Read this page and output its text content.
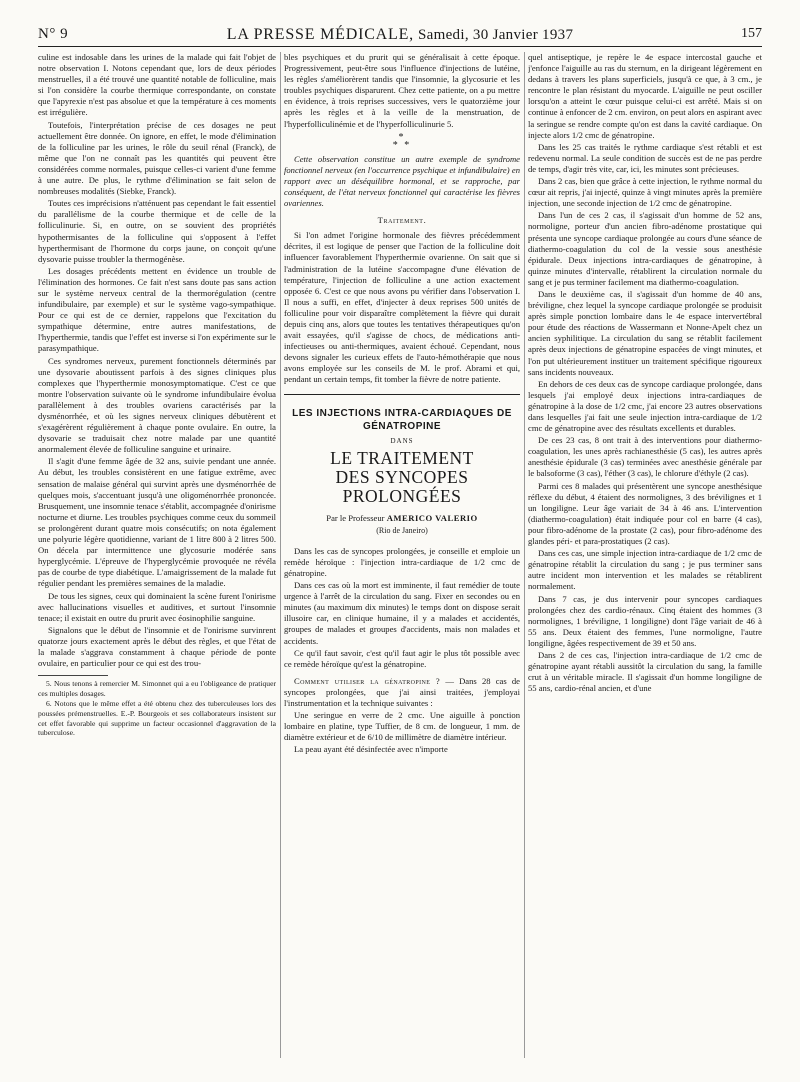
N° 9	LA PRESSE MÉDICALE, Samedi, 30 Janvier 1937	157

culine est indosable dans les urines de la malade qui fait l'objet de notre observation I. Notons cependant que, lors de deux périodes menstruelles, il a été trouvé une quantité notable de folliculine, mais si l'on considère la courbe thermique correspondante, on constate que l'apyrexie n'est pas absolue et que la température à ces moments est irrégulière.

Toutefois, l'interprétation précise de ces dosages ne peut actuellement être donnée. On ignore, en effet, le mode d'élimination de la folliculine par les urines, le rôle du seuil rénal (Franck), de même que l'on ne connaît pas les quantités qui peuvent être considérées comme normales, puisque celles-ci varient d'une femme à une autre. De plus, le rythme d'élimination se fait selon de nombreuses modalités (Siebke, Franck).

Toutes ces imprécisions n'atténuent pas cependant le fait essentiel du parallélisme de la courbe thermique et de celle de la folliculinurie. Si, en outre, on se souvient des propriétés hypothermisantes de la folliculine qui s'opposent à l'effet hyperthermisant de l'hormone du corps jaune, on conçoit qu'une dysovarie puisse troubler la thermogénèse.

Les dosages précédents mettent en évidence un trouble de l'élimination des hormones. Ce fait n'est sans doute pas sans action sur le système nerveux central de la thermorégulation (centre infundibulaire, par exemple) et sur le système vago-sympathique. Pour ce qui est de ce dernier, rappelons que l'excitation du sympathique détermine, entre autres manifestations, de l'hyperthermie, tandis que l'effet est inverse si l'on expérimente sur le parasympathique.

Ces syndromes nerveux, purement fonctionnels déterminés par une dysovarie aboutissent parfois à des signes cliniques plus complexes que l'hyperthermie monosymptomatique. C'est ce que montre l'observation suivante où le syndrome infundibulaire évolua parallèlement à des troubles ovariens caractérisés par la dysménorrhée, et où les signes nerveux cliniques débutèrent et s'exagérèrent régulièrement à chaque ponte ovulaire. En outre, la dysovarie se traduisait chez notre malade par une quantité anormalement élevée de folliculine sanguine et urinaire.

Il s'agit d'une femme âgée de 32 ans, suivie pendant une année. Au début, les troubles consistèrent en une fatigue extrême, avec sensation de malaise général qui survint après une dysménorrhée de quelques mois, s'accentuant jusqu'à une oligoménorrhée prononcée. Brusquement, une insomnie tenace s'établit, accompagnée d'onirisme nocturne et diurne. Les troubles psychiques comme ceux du sommeil se prolongèrent durant quatre mois consécutifs; on nota également une polyurie légère quotidienne, variant de 1 litre 800 à 2 litres 500. On décela par intermittence une glycosurie modérée sans hyperglycémie. L'épreuve de l'hyperglycémie provoquée ne révéla pas de courbe de type diabétique. L'amaigrissement de la malade fut régulier pendant les premières semaines de la maladie.

De tous les signes, ceux qui dominaient la scène furent l'onirisme avec hallucinations visuelles et auditives, et surtout l'insomnie tenace; il existait en outre du prurit avec éosinophilie sanguine.

Signalons que le début de l'insomnie et de l'onirisme survinrent quatorze jours exactement après le début des règles, et que l'état de la malade s'aggrava constamment à chaque période de ponte ovulaire, en particulier pour ce qui est des trou-

5. Nous tenons à remercier M. Simonnet qui a eu l'obligeance de pratiquer ces multiples dosages.

6. Notons que le même effet a été obtenu chez des tuberculeuses lors des poussées prémenstruelles. E.-P. Bourgeois et ses collaborateurs insistent sur cet effet favorable qui supprime un facteur occasionnel d'aggravation de la tuberculose.

bles psychiques et du prurit qui se généralisait à cette époque. Progressivement, peut-être sous l'influence d'injections de lutéine, les règles s'améliorèrent tandis que l'insomnie, la glycosurie et les troubles psychiques disparurent. Chez cette patiente, on a pu mettre en évidence, à trois reprises successives, vers le quatorzième jour après les règles et à la veille de la menstruation, de l'hyperfolliculinémie et de l'hyperfolliculinurie 5.

*
* *

Cette observation constitue un autre exemple de syndrome fonctionnel nerveux (en l'occurrence psychique et infundibulaire) en rapport avec un déséquilibre hormonal, et se rapproche, par conséquent, de l'état nerveux fonctionnel qui caractérise les fièvres ovariennes.

Traitement.

Si l'on admet l'origine hormonale des fièvres précédemment décrites, il est logique de penser que l'action de la folliculine doit influencer favorablement l'hyperthermie ovarienne. On sait que si l'administration de la lutéine s'accompagne d'une élévation de température, l'injection de folliculine a une action exactement opposée 6. C'est ce que nous avons pu vérifier dans l'observation I. Il nous a suffi, en effet, d'injecter à deux reprises 500 unités de folliculine pour voir disparaître complètement la fièvre qui durait depuis cinq ans, alors que toutes les tentatives thérapeutiques qu'on avait essayées, qu'il s'agisse de chocs, de médications anti-infectieuses ou anti-thermiques, avaient échoué. Cependant, nous devons signaler les curieux effets de l'auto-hémothérapie que nous avons employée sur les conseils de M. le prof. Abrami et qui, pendant un certain temps, fit tomber la fièvre de notre patiente.

LES INJECTIONS INTRA-CARDIAQUES DE GÉNATROPINE
DANS
LE TRAITEMENT
DES SYNCOPES PROLONGÉES
Par le Professeur AMERICO VALERIO
(Rio de Janeiro)

Dans les cas de syncopes prolongées, je conseille et emploie un remède héroïque : l'injection intra-cardiaque de 1/2 cmc de génatropine.

Dans ces cas où la mort est imminente, il faut remédier de toute urgence à l'arrêt de la circulation du sang. Fixer en secondes ou en minutes (au maximum dix minutes) le temps dont on dispose serait illusoire car, en clinique humaine, il y a malades et accidentés, groupes de malades et groupes d'accidents, mais non malades et accidents.

Ce qu'il faut savoir, c'est qu'il faut agir le plus tôt possible avec ce remède héroïque qu'est la génatropine.

Comment utiliser la génatropine ? — Dans 28 cas de syncopes prolongées, que j'ai ainsi traitées, j'employai l'instrumentation et la technique suivantes :

Une seringue en verre de 2 cmc. Une aiguille à ponction lombaire en platine, type Tuffier, de 8 cm. de longueur, 1 mm. de diamètre extérieur et de 6/10 de millimètre de diamètre intérieur.

La peau ayant été désinfectée avec n'importe

quel antiseptique, je repère le 4e espace intercostal gauche et j'enfonce l'aiguille au ras du sternum, en la dirigeant légèrement en dedans à travers les plans superficiels, jusqu'à ce que, à 3 cm., je rencontre le plan résistant du myocarde. L'aiguille ne peut osciller lorsqu'on a atteint le cœur puisque celui-ci est arrêté. Mais si on continue à enfoncer de 2 cm. environ, on peut alors en aspirant avec la seringue se rendre compte qu'on est dans la cavité cardiaque. On injecte alors 1/2 cmc de génatropine.

Dans les 25 cas traités le rythme cardiaque s'est rétabli et est redevenu normal. La seule condition de succès est de ne pas perdre de temps, d'agir très vite, car, ici, les minutes sont précieuses.

Dans 2 cas, bien que grâce à cette injection, le rythme normal du cœur ait repris, j'ai injecté, quinze à vingt minutes après la première injection, une seconde injection de 1/2 cmc de génatropine.

Dans l'un de ces 2 cas, il s'agissait d'un homme de 52 ans, normoligne, porteur d'un ancien fibro-adénome prostatique qui présenta une syncope cardiaque prolongée au cours d'une séance de diathermo-coagulation du col de la vessie sous anesthésie épidurale. Deux injections intra-cardiaques de génatropine, à quinze minutes d'intervalle, rétablirent la circulation normale du sang et je pus terminer facilement ma diathermo-coagulation.

Dans le deuxième cas, il s'agissait d'un homme de 40 ans, bréviligne, chez lequel la syncope cardiaque prolongée se produisit après simple ponction lombaire dans le 4e espace intervertébral pour étude des réactions de Wassermann et Nonne-Apelt chez un ancien syphilitique. La circulation du sang se rétablit facilement après deux injections de génatropine espacées de vingt minutes, et l'on put ultérieurement instituer un traitement spécifique rigoureux sans incidents nouveaux.

En dehors de ces deux cas de syncope cardiaque prolongée, dans lesquels j'ai employé deux injections intra-cardiaques de génatropine à la dose de 1/2 cmc, j'ai encore 23 autres observations dans lesquelles j'ai fait une seule injection intra-cardiaque de 1/2 cmc de génatropine avec des résultats excellents et durables.

De ces 23 cas, 8 ont trait à des interventions pour diathermo-coagulation, les unes après rachianesthésie (5 cas), les autres après anesthésie épidurale (3 cas) terminées avec anesthésie générale par le balsoforme (3 cas), l'éther (3 cas), le chlorure d'éthyle (2 cas).

Parmi ces 8 malades qui présentèrent une syncope anesthésique réflexe du début, 4 étaient des normolignes, 3 des brévilignes et 1 un longiligne. Leur âge variait de 34 à 46 ans. L'intervention (diathermo-coagulation) était indiquée pour col en barre (4 cas), pour fibro-adénome de la prostate (2 cas), pour fibro-adénome des glandes péri- et para-prostatiques (2 cas).

Dans ces cas, une simple injection intra-cardiaque de 1/2 cmc de génatropine rétablit la circulation du sang ; je pus terminer sans autre incident mon intervention et les malades se rétablirent normalement.

Dans 7 cas, je dus intervenir pour syncopes cardiaques prolongées chez des cardio-rénaux. Cinq étaient des hommes (3 normolignes, 1 bréviligne, 1 longiligne) dont l'âge variait de 46 à 55 ans. Deux étaient des femmes, l'une normoligne, l'autre longiligne, âgées respectivement de 39 et 50 ans.

Dans 2 de ces cas, l'injection intra-cardiaque de 1/2 cmc de génatropine ayant rétabli aussitôt la circulation du sang, la famille crut à un véritable miracle. Il s'agissait d'un homme longiligne de 55 ans, cardio-rénal ancien, et d'une
